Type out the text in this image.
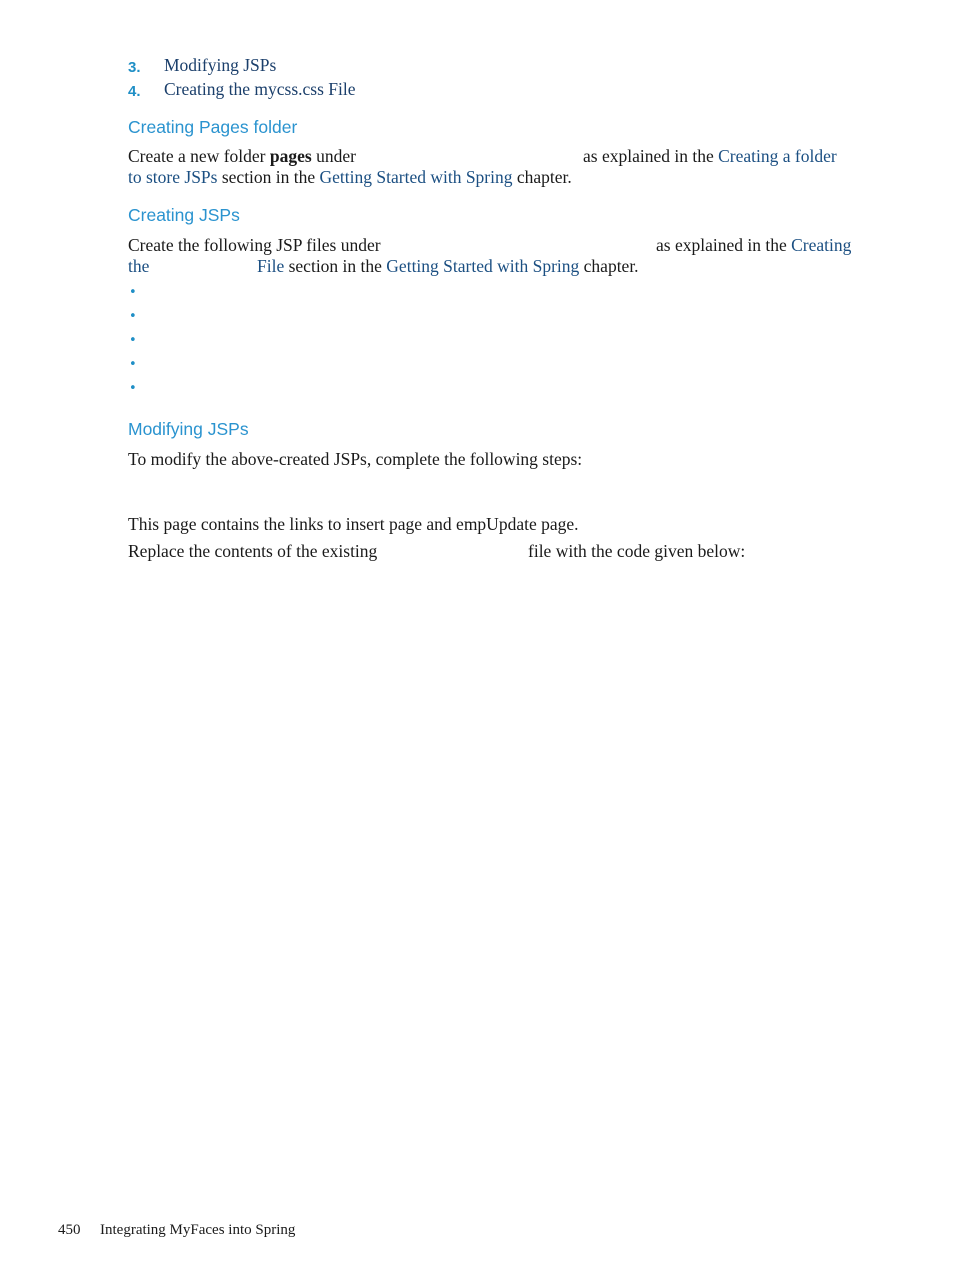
3. Modifying JSPs
4. Creating the mycss.css File
Creating Pages folder
Create a new folder pages under	as explained in the Creating a folder
to store JSPs section in the Getting Started with Spring chapter.
Creating JSPs
Create the following JSP files under	as explained in the Creating
the	File section in the Getting Started with Spring chapter.
•
•
•
•
•
Modifying JSPs
To modify the above-created JSPs, complete the following steps:
This page contains the links to insert page and empUpdate page.
Replace the contents of the existing	file with the code given below:
450 Integrating MyFaces into Spring
